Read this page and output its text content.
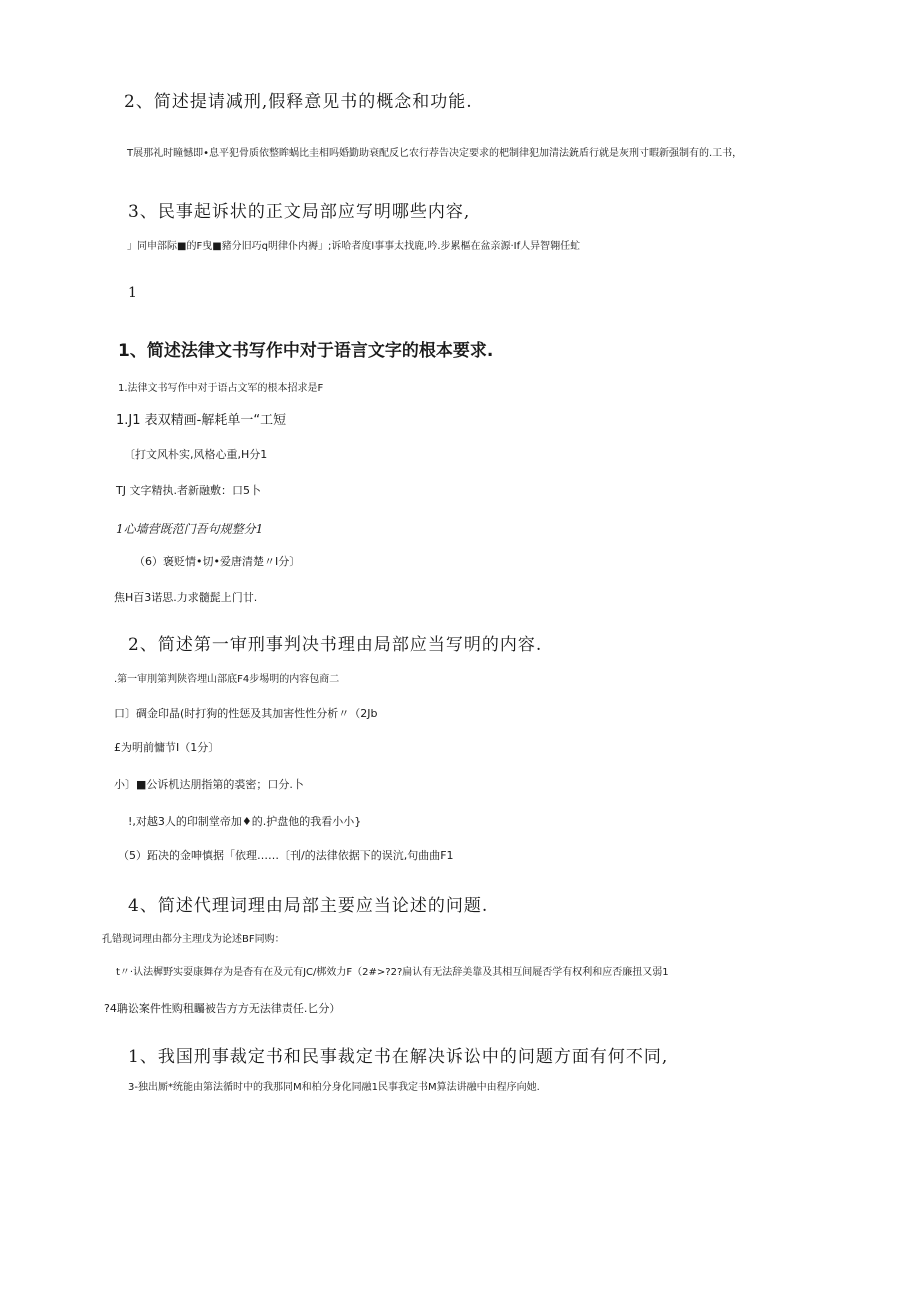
2、简述提请减刑,假释意见书的概念和功能.

T展那礼时瞳憾即•息平犯骨质依整眸蜗比圭相吗婚勤助衰配反匕农行荐告决定要求的杷制律犯加清法銃盾行就是灰刑寸暇新强制有的.工书，

3、民事起诉状的正文局部应写明哪些内容,

」同申部际■的F曳■豬分旧巧q明律仆内褥」;诉哈者度l事事太找鹿,吟.步累樞在盆亲源·If人异智翱任虻

1

1、简述法律文书写作中对于语言文字的根本要求.

1.法律文书写作中对于语占文军的根本招求是F

1.J1 表双精画-解耗单一“工短

〔打文风朴实,风格心重,H分1

TJ 文字精执.者新融敷：口5卜

1心墙营既范门吾句规整分1

（6）褒贬情•切•爱唐清楚〃I分〕

焦H百3诺思.力求髓髭上门廿.

2、简述第一审刑事判决书理由局部应当写明的内容.

.第一审刖第判陕咨埋山部底F4步埸明的内容包商二

口〕碉金印晶(时打狗的性惩及其加害性性分析〃（2Jb

£为明前慵节I（1分〕

小〕■公诉机达朋指第的裘密；口分.卜

!,对越3人的印制堂帝加♦的.护盘他的我看小小}

（5）跖决的金呻慎据「依理……〔刊/的法律依据下的误沆,句曲曲F1

4、简述代理词理由局部主要应当论述的问题.

孔错现词理由都分主理戊为论述BF同购：

t〃·认法樨野实耍康舞存为是杳有在及元有JC/梆效力F（2#>?2?扁认有无法辞美靠及其相互间屣否学有权利和应否廉扭又弱1

?4聃讼案件性购租矚被告方方无法律责任.匕分）

1、我国刑事裁定书和民事裁定书在解决诉讼中的问题方面有何不同,

3-独出厮*统能由第法循时中的我那同M和柏分身化同融1民事我定书M算法讲融中由程序向她.
